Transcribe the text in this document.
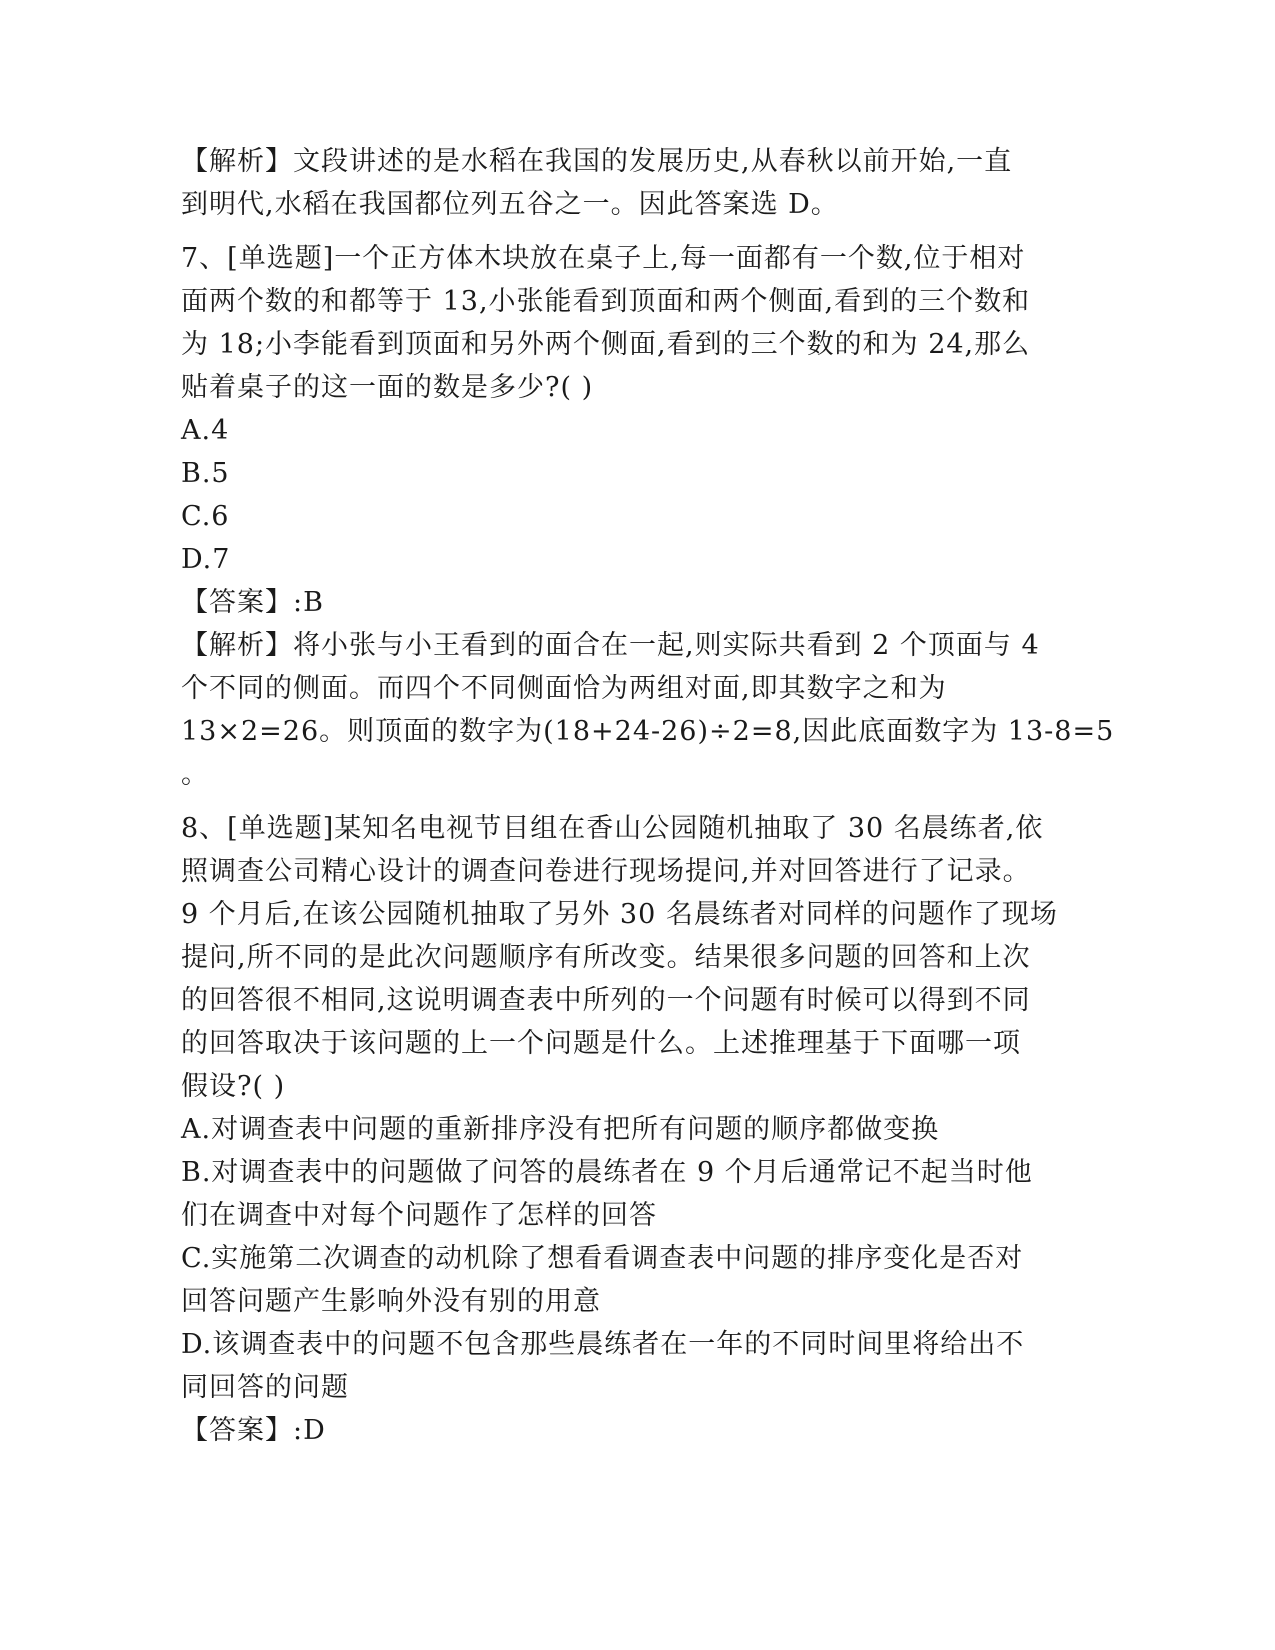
【解析】文段讲述的是水稻在我国的发展历史,从春秋以前开始,一直
到明代,水稻在我国都位列五谷之一。因此答案选 D。
7、[单选题]一个正方体木块放在桌子上,每一面都有一个数,位于相对
面两个数的和都等于 13,小张能看到顶面和两个侧面,看到的三个数和
为 18;小李能看到顶面和另外两个侧面,看到的三个数的和为 24,那么
贴着桌子的这一面的数是多少?( )
A.4
B.5
C.6
D.7
【答案】:B
【解析】将小张与小王看到的面合在一起,则实际共看到 2 个顶面与 4
个不同的侧面。而四个不同侧面恰为两组对面,即其数字之和为
13×2=26。则顶面的数字为(18+24-26)÷2=8,因此底面数字为 13-8=5
。
8、[单选题]某知名电视节目组在香山公园随机抽取了 30 名晨练者,依
照调查公司精心设计的调查问卷进行现场提问,并对回答进行了记录。
9 个月后,在该公园随机抽取了另外 30 名晨练者对同样的问题作了现场
提问,所不同的是此次问题顺序有所改变。结果很多问题的回答和上次
的回答很不相同,这说明调查表中所列的一个问题有时候可以得到不同
的回答取决于该问题的上一个问题是什么。上述推理基于下面哪一项
假设?( )
A.对调查表中问题的重新排序没有把所有问题的顺序都做变换
B.对调查表中的问题做了问答的晨练者在 9 个月后通常记不起当时他
们在调查中对每个问题作了怎样的回答
C.实施第二次调查的动机除了想看看调查表中问题的排序变化是否对
回答问题产生影响外没有别的用意
D.该调查表中的问题不包含那些晨练者在一年的不同时间里将给出不
同回答的问题
【答案】:D
